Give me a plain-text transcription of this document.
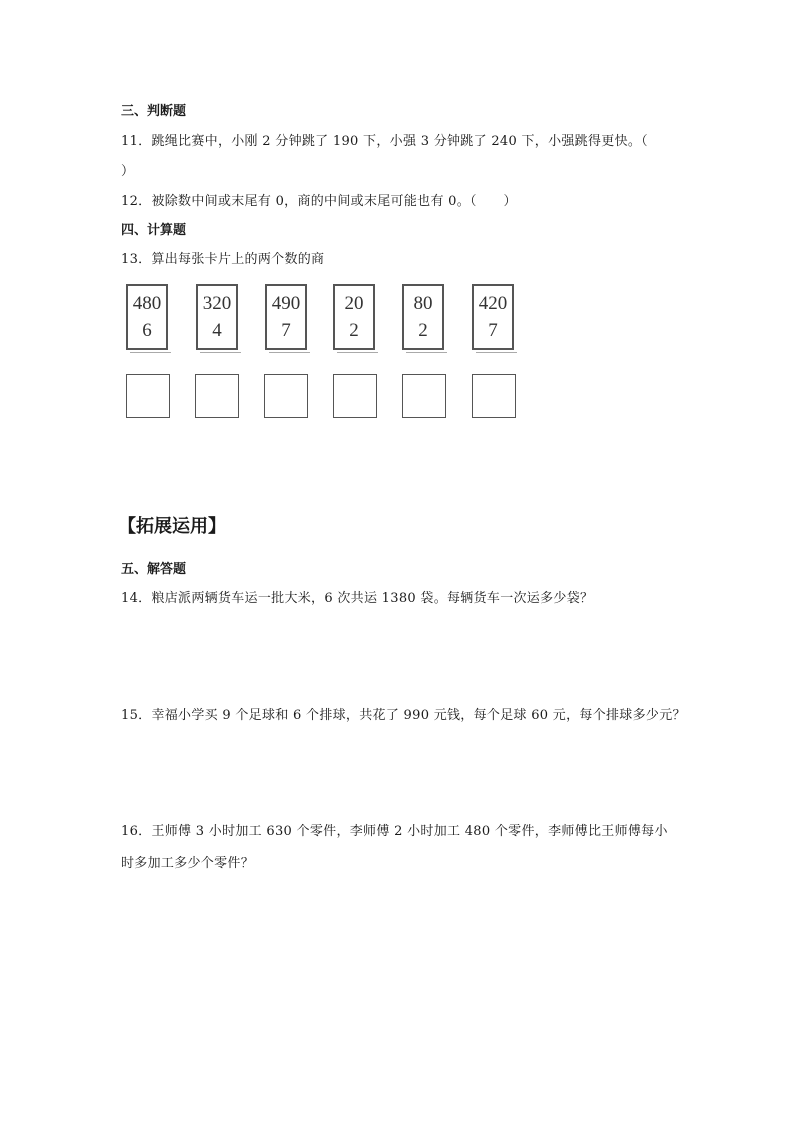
三、判断题
11．跳绳比赛中，小刚 2 分钟跳了 190 下，小强 3 分钟跳了 240 下，小强跳得更快。（
）
12．被除数中间或末尾有 0，商的中间或末尾可能也有 0。（　　）
四、计算题
13．算出每张卡片上的两个数的商
480
6
320
4
490
7
20
2
80
2
420
7
【拓展运用】
五、解答题
14．粮店派两辆货车运一批大米，6 次共运 1380 袋。每辆货车一次运多少袋？
15．幸福小学买 9 个足球和 6 个排球，共花了 990 元钱，每个足球 60 元，每个排球多少元？
16．王师傅 3 小时加工 630 个零件，李师傅 2 小时加工 480 个零件，李师傅比王师傅每小
时多加工多少个零件？
